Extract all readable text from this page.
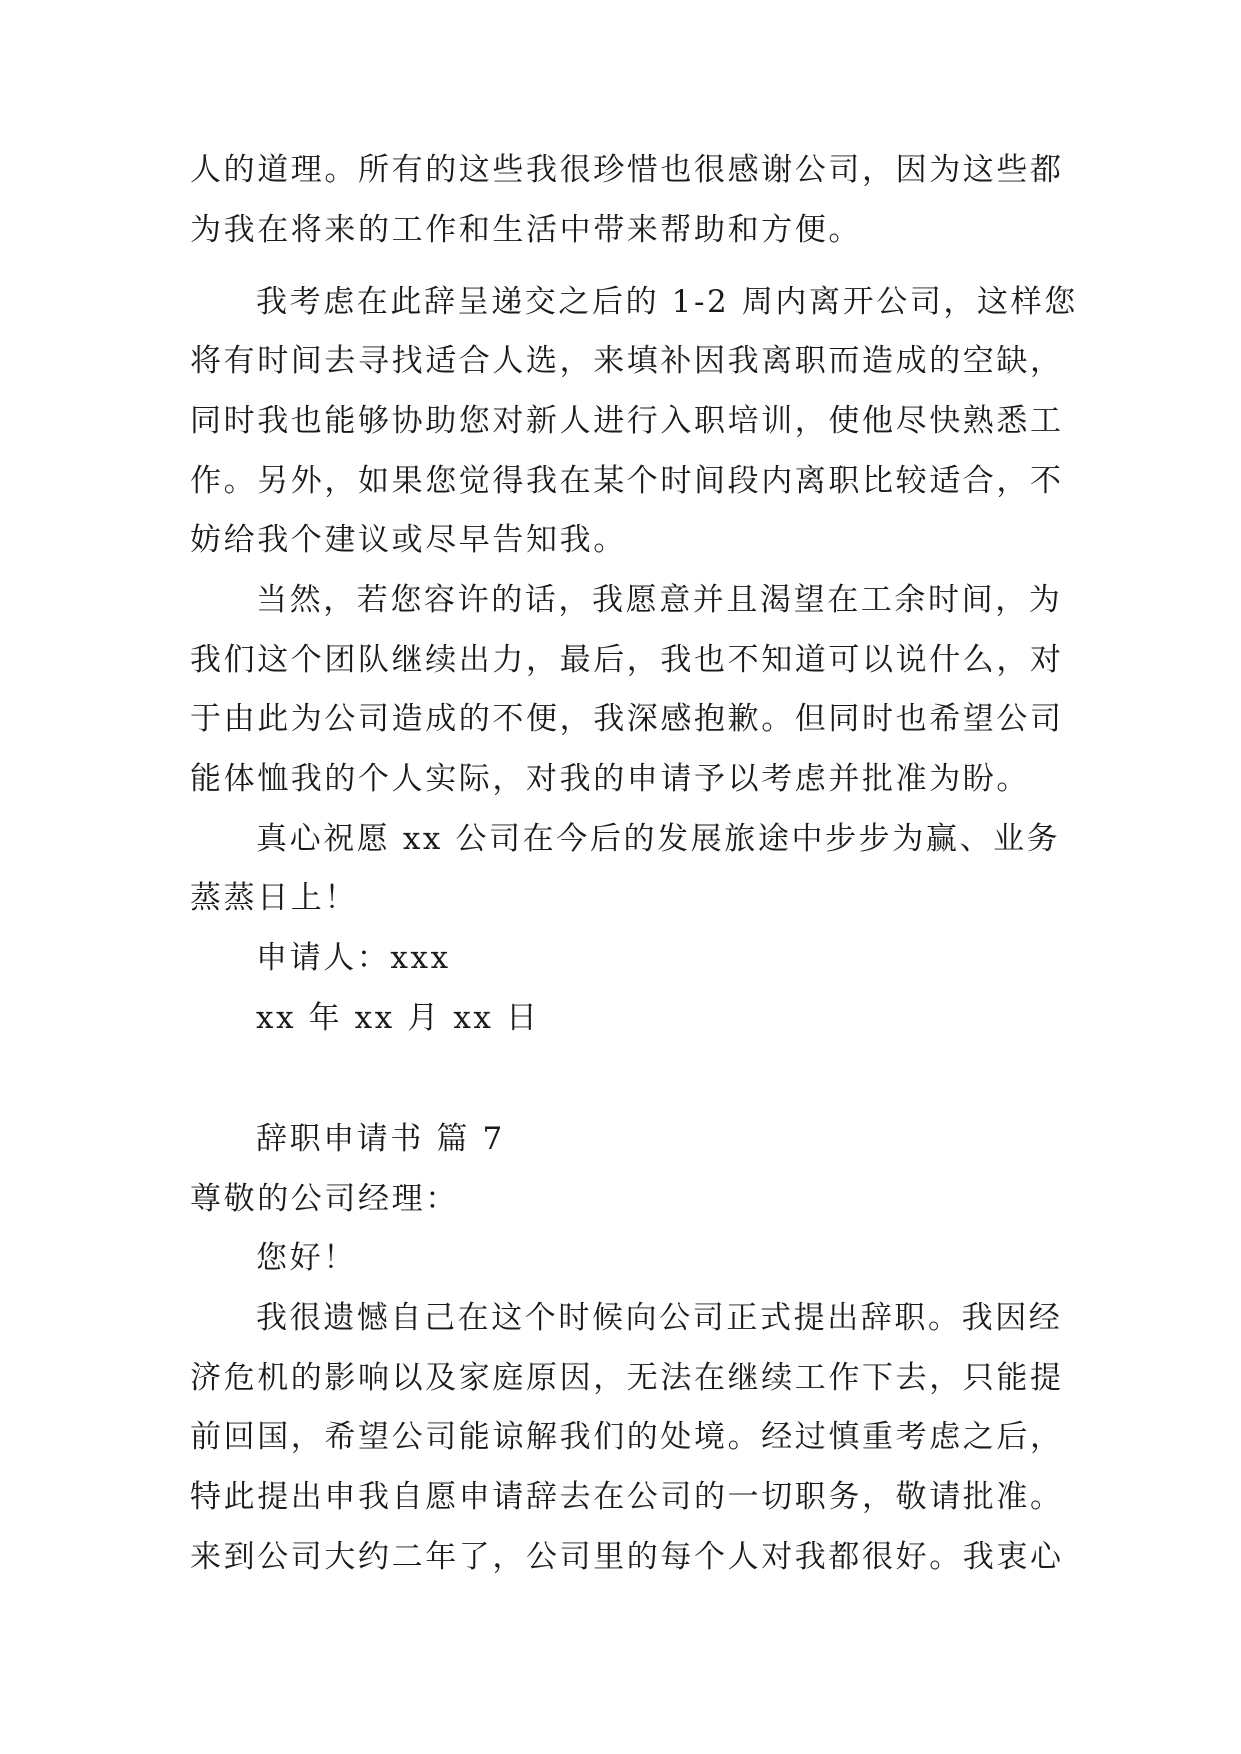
人的道理。所有的这些我很珍惜也很感谢公司，因为这些都
为我在将来的工作和生活中带来帮助和方便。
我考虑在此辞呈递交之后的 1-2 周内离开公司，这样您
将有时间去寻找适合人选，来填补因我离职而造成的空缺，
同时我也能够协助您对新人进行入职培训，使他尽快熟悉工
作。另外，如果您觉得我在某个时间段内离职比较适合，不
妨给我个建议或尽早告知我。
当然，若您容许的话，我愿意并且渴望在工余时间，为
我们这个团队继续出力，最后，我也不知道可以说什么，对
于由此为公司造成的不便，我深感抱歉。但同时也希望公司
能体恤我的个人实际，对我的申请予以考虑并批准为盼。
真心祝愿 xx 公司在今后的发展旅途中步步为赢、业务
蒸蒸日上！
申请人：xxx
xx 年 xx 月 xx 日
辞职申请书 篇 7
尊敬的公司经理：
您好！
我很遗憾自己在这个时候向公司正式提出辞职。我因经
济危机的影响以及家庭原因，无法在继续工作下去，只能提
前回国，希望公司能谅解我们的处境。经过慎重考虑之后，
特此提出申我自愿申请辞去在公司的一切职务，敬请批准。
来到公司大约二年了，公司里的每个人对我都很好。我衷心
